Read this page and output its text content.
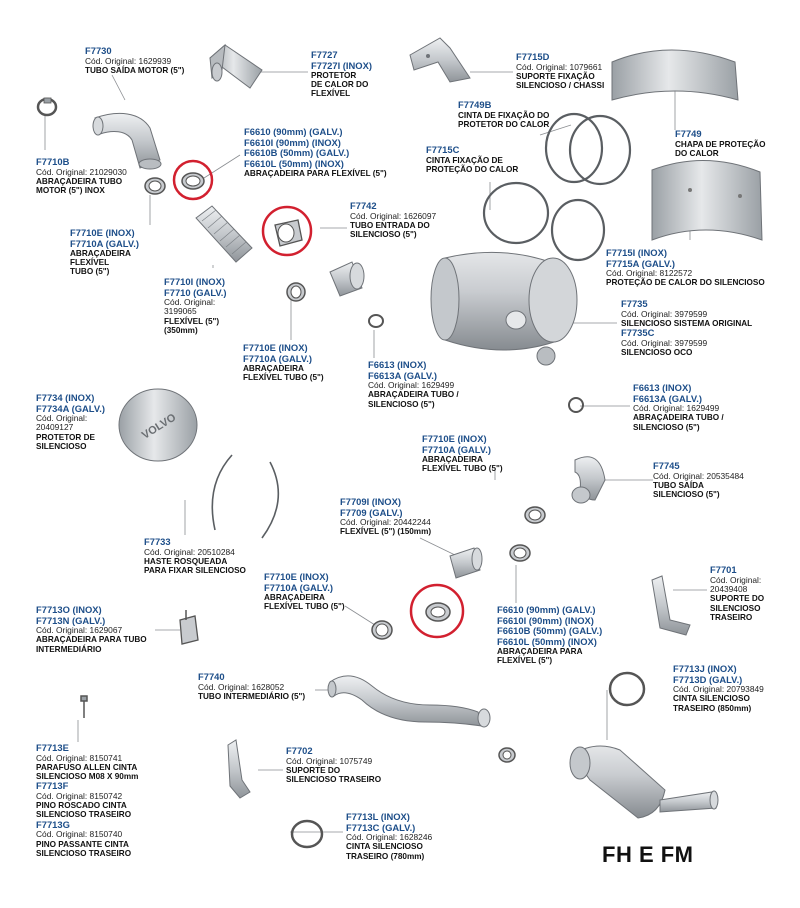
VOLVO
F7730
Cód. Original: 1629939
TUBO SAÍDA MOTOR (5")
F7727
F7727I (INOX)
PROTETOR
DE CALOR DO
FLEXÍVEL
F7715D
Cód. Original: 1079661
SUPORTE FIXAÇÃO
SILENCIOSO / CHASSI
F7710B
Cód. Original: 21029030
ABRAÇADEIRA TUBO
MOTOR (5") INOX
F6610 (90mm) (GALV.)
F6610I (90mm) (INOX)
F6610B (50mm) (GALV.)
F6610L (50mm) (INOX)
ABRAÇADEIRA PARA FLEXÍVEL (5")
F7749B
CINTA DE FIXAÇÃO DO
PROTETOR DO CALOR
F7749
CHAPA DE PROTEÇÃO
DO CALOR
F7715C
CINTA FIXAÇÃO DE
PROTEÇÃO DO CALOR
F7742
Cód. Original: 1626097
TUBO ENTRADA DO
SILENCIOSO (5")
F7710E (INOX)
F7710A (GALV.)
ABRAÇADEIRA
FLEXÍVEL
TUBO (5")
F7715I (INOX)
F7715A (GALV.)
Cód. Original: 8122572
PROTEÇÃO DE CALOR DO SILENCIOSO
F7710I (INOX)
F7710 (GALV.)
Cód. Original:
3199065
FLEXÍVEL (5")
(350mm)
F7735
Cód. Original: 3979599
SILENCIOSO SISTEMA ORIGINAL
F7735C
Cód. Original: 3979599
SILENCIOSO OCO
F7710E (INOX)
F7710A (GALV.)
ABRAÇADEIRA
FLEXÍVEL TUBO (5")
F6613 (INOX)
F6613A (GALV.)
Cód. Original: 1629499
ABRAÇADEIRA TUBO /
SILENCIOSO (5")
F7734 (INOX)
F7734A (GALV.)
Cód. Original:
20409127
PROTETOR DE
SILENCIOSO
F6613 (INOX)
F6613A (GALV.)
Cód. Original: 1629499
ABRAÇADEIRA TUBO /
SILENCIOSO (5")
F7710E (INOX)
F7710A (GALV.)
ABRAÇADEIRA
FLEXÍVEL TUBO (5")	F7745
Cód. Original: 20535484
TUBO SAÍDA
SILENCIOSO (5")
F7709I (INOX)
F7709 (GALV.)
Cód. Original: 20442244
FLEXÍVEL (5") (150mm)
F7733
Cód. Original: 20510284
HASTE ROSQUEADA
PARA FIXAR SILENCIOSO	F7701
Cód. Original:
20439408
SUPORTE DO
SILENCIOSO
TRASEIRO
F7710E (INOX)
F7710A (GALV.)
ABRAÇADEIRA
FLEXÍVEL TUBO (5")
F7713O (INOX)
F7713N (GALV.)
Cód. Original: 1629067
ABRAÇADEIRA PARA TUBO
INTERMEDIÁRIO
F6610 (90mm) (GALV.)
F6610I (90mm) (INOX)
F6610B (50mm) (GALV.)
F6610L (50mm) (INOX)
ABRAÇADEIRA PARA
FLEXÍVEL (5")
F7740
Cód. Original: 1628052
TUBO INTERMEDIÁRIO (5")
F7713J (INOX)
F7713D (GALV.)
Cód. Original: 20793849
CINTA SILENCIOSO
TRASEIRO (850mm)
F7713E
Cód. Original: 8150741
PARAFUSO ALLEN CINTA
SILENCIOSO M08 X 90mm
F7713F
Cód. Original: 8150742
PINO ROSCADO CINTA
SILENCIOSO TRASEIRO
F7713G
Cód. Original: 8150740
PINO PASSANTE CINTA
SILENCIOSO TRASEIRO
F7702
Cód. Original: 1075749
SUPORTE DO
SILENCIOSO TRASEIRO
F7713L (INOX)
F7713C (GALV.)
Cód. Original: 1628246
CINTA SILENCIOSO
TRASEIRO (780mm)	FH E FM
